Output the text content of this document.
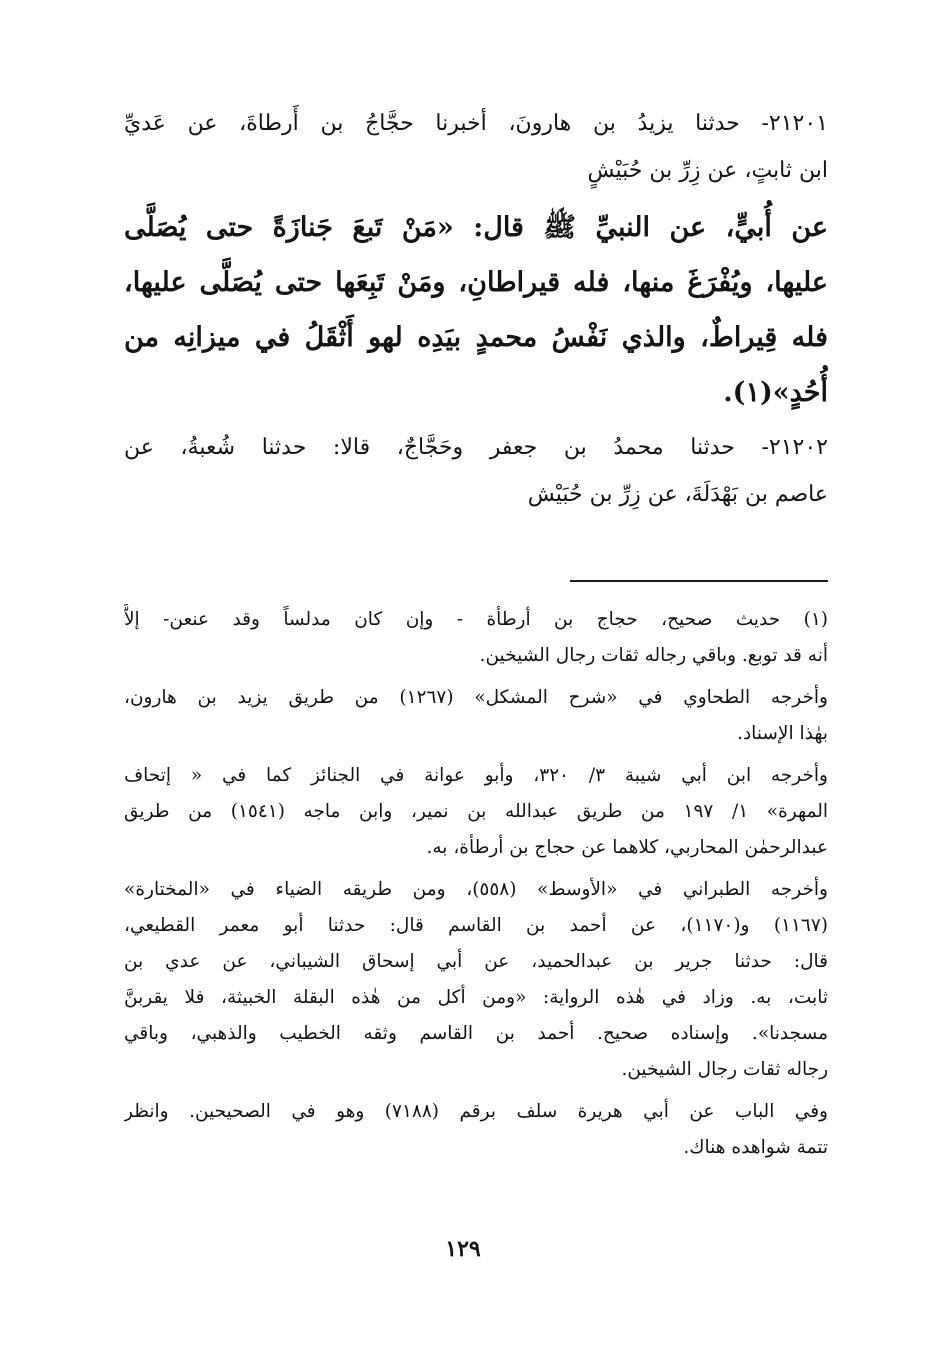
٢١٢٠١- حدثنا يزيدُ بن هارونَ، أخبرنا حجَّاجُ بن أَرطاةَ، عن عَديِّ
ابن ثابتٍ، عن زِرِّ بن حُبَيْشٍ
عن أُبيٍّ، عن النبيِّ ﷺ قال: «مَنْ تَبعَ جَنازَةً حتى يُصَلَّى
عليها، ويُفْرَغَ منها، فله قيراطانِ، ومَنْ تَبِعَها حتى يُصَلَّى عليها،
فله قِيراطٌ، والذي نَفْسُ محمدٍ بيَدِه لهو أَثْقَلُ في ميزانِه من
أُحُدٍ»(١).
٢١٢٠٢- حدثنا محمدُ بن جعفر وحَجَّاجٌ، قالا: حدثنا شُعبةُ، عن
عاصم بن بَهْدَلَةَ، عن زِرِّ بن حُبَيْش
(١) حديث صحيح، حجاج بن أرطأة - وإن كان مدلساً وقد عنعن- إلاَّ
أنه قد توبع. وباقي رجاله ثقات رجال الشيخين.
وأخرجه الطحاوي في «شرح المشكل» (١٢٦٧) من طريق يزيد بن هارون،
بهٰذا الإسناد.
وأخرجه ابن أبي شيبة ٣/ ٣٢٠، وأبو عوانة في الجنائز كما في « إتحاف
المهرة» ١/ ١٩٧ من طريق عبدالله بن نمير، وابن ماجه (١٥٤١) من طريق
عبدالرحمٰن المحاربي، كلاهما عن حجاج بن أرطأة، به.
وأخرجه الطبراني في «الأوسط» (٥٥٨)، ومن طريقه الضياء في «المختارة»
(١١٦٧) و(١١٧٠)، عن أحمد بن القاسم قال: حدثنا أبو معمر القطيعي،
قال: حدثنا جرير بن عبدالحميد، عن أبي إسحاق الشيباني، عن عدي بن
ثابت، به. وزاد في هٰذه الرواية: «ومن أكل من هٰذه البقلة الخبيثة، فلا يقربنَّ
مسجدنا». وإسناده صحيح. أحمد بن القاسم وثقه الخطيب والذهبي، وباقي
رجاله ثقات رجال الشيخين.
وفي الباب عن أبي هريرة سلف برقم (٧١٨٨) وهو في الصحيحين. وانظر
تتمة شواهده هناك.
١٢٩
